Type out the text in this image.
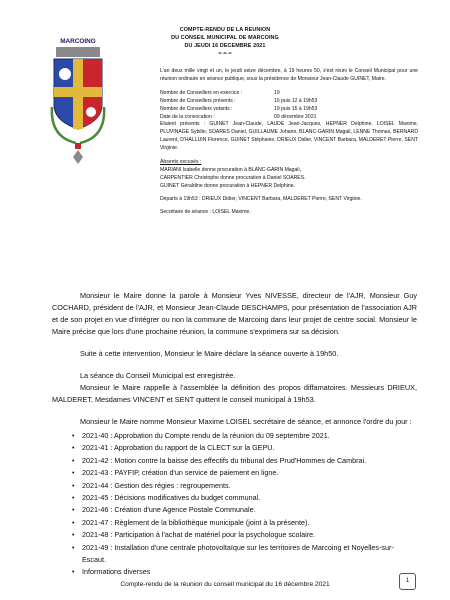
COMPTE-RENDU DE LA REUNION
DU CONSEIL MUNICIPAL DE MARCOING
DU JEUDI 16 DECEMBRE 2021
=-=-=
MARCOING
L'an deux mille vingt et un, le jeudi seize décembre, à 19 heures 50, s'est réuni le Conseil Municipal pour une réunion ordinaire en séance publique, sous la présidence de Monsieur Jean-Claude GUINET, Maire.
Nombre de Conseillers en exercice :	19
Nombre de Conseillers présents :	16 puis 12 à 19h53
Nombre de Conseillers votants :	19 puis 15 à 19h53
Date de la convocation :	09 décembre 2021
Etaient présents : GUINET Jean-Claude, LAUDE Jean-Jacques, HEPNER Delphine, LOISEL Maxime, PLUVINAGE Sybille, SOARES Daniel, GUILLAUME Johann, BLANC-GARIN Magali, LENNE Thomas, BERNARD Laurent, D'HALLUIN Florence, GUINET Stéphanie, DRIEUX Didier, VINCENT Barbara, MALDERET Pierre, SENT Virginie.
Absents excusés :
MARIANI Isabelle donne procuration à BLANC-GARIN Magali,
CARPENTIER Christophe donne procuration à Daniel SOARES.
GUINET Géraldine donne procuration à HEPNER Delphine.
Départs à 19h53 : DRIEUX Didier, VINCENT Barbara, MALDERET Pierre, SENT Virginie.
Secrétaire de séance : LOISEL Maxime.
Monsieur le Maire donne la parole à Monsieur Yves NIVESSE, directeur de l'AJR, Monsieur Guy COCHARD, président de l'AJR, et Monsieur Jean-Claude DESCHAMPS, pour présentation de l'association AJR et de son projet en vue d'intégrer ou non la commune de Marcoing dans leur projet de centre social. Monsieur le Maire précise que lors d'une prochaine réunion, la commune s'exprimera sur sa décision.
Suite à cette intervention, Monsieur le Maire déclare la séance ouverte à 19h50.
La séance du Conseil Municipal est enregistrée.
Monsieur le Maire rappelle à l'assemblée la définition des propos diffamatoires. Messieurs DRIEUX, MALDERET, Mesdames VINCENT et SENT quittent le conseil municipal à 19h53.
Monsieur le Maire nomme Monsieur Maxime LOISEL secrétaire de séance, et annonce l'ordre du jour :
• 2021-40 : Approbation du Compte rendu de la réunion du 09 septembre 2021.
• 2021-41 : Approbation du rapport de la CLECT sur la GEPU.
• 2021-42 : Motion contre la baisse des effectifs du tribunal des Prud'Hommes de Cambrai.
• 2021-43 : PAYFIP, création d'un service de paiement en ligne.
• 2021-44 : Gestion des régies : regroupements.
• 2021-45 : Décisions modificatives du budget communal.
• 2021-46 : Création d'une Agence Postale Communale.
• 2021-47 : Règlement de la bibliothèque municipale (joint à la présente).
• 2021-48 : Participation à l'achat de matériel pour la psychologue scolaire.
• 2021-49 : Installation d'une centrale photovoltaïque sur les territoires de Marcoing et Noyelles-sur-Escaut.
• Informations diverses
1
Compte-rendu de la réunion du conseil municipal du 16 décembre 2021
